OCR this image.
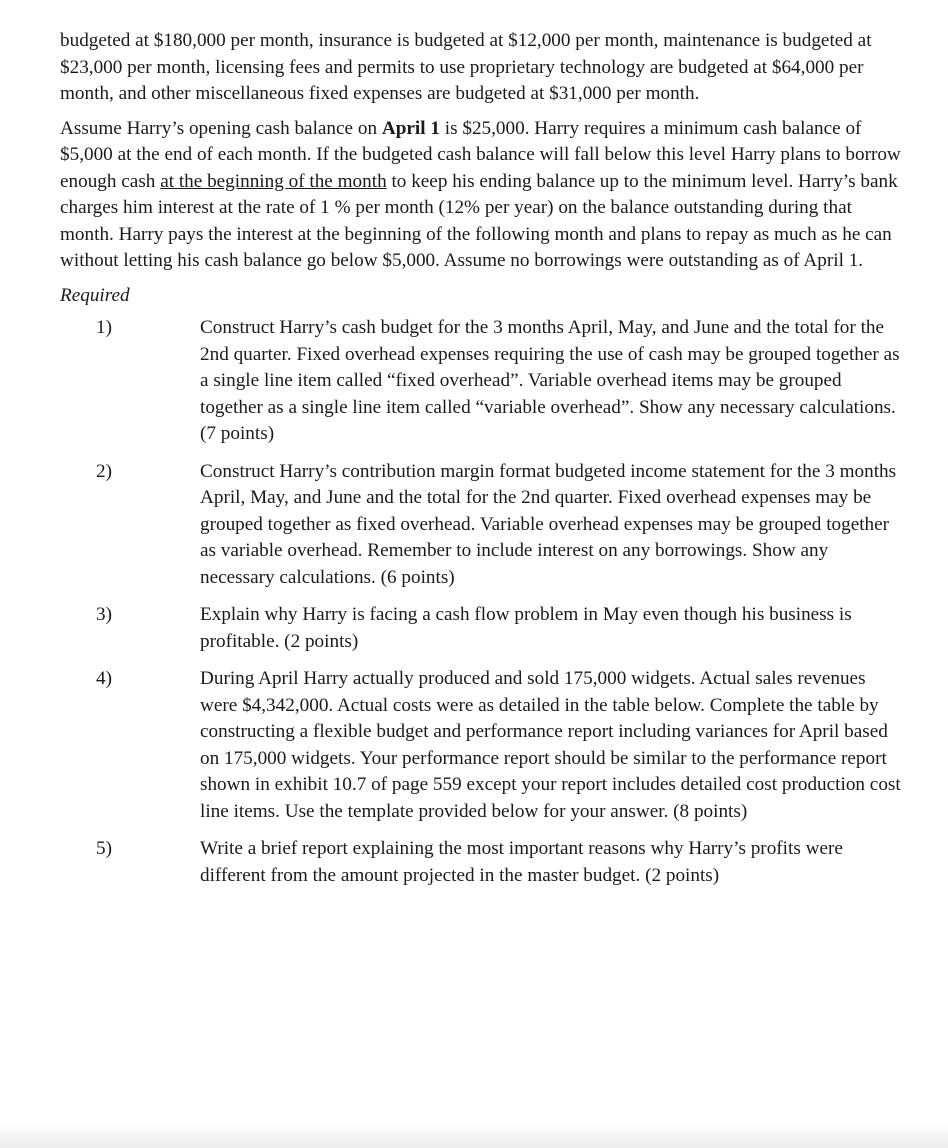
budgeted at $180,000 per month, insurance is budgeted at $12,000 per month, maintenance is budgeted at $23,000 per month, licensing fees and permits to use proprietary technology are budgeted at $64,000 per month, and other miscellaneous fixed expenses are budgeted at $31,000 per month.

Assume Harry’s opening cash balance on April 1 is $25,000. Harry requires a minimum cash balance of $5,000 at the end of each month. If the budgeted cash balance will fall below this level Harry plans to borrow enough cash at the beginning of the month to keep his ending balance up to the minimum level. Harry’s bank charges him interest at the rate of 1 % per month (12% per year) on the balance outstanding during that month. Harry pays the interest at the beginning of the following month and plans to repay as much as he can without letting his cash balance go below $5,000. Assume no borrowings were outstanding as of April 1.

Required
1)	Construct Harry’s cash budget for the 3 months April, May, and June and the total for the 2nd quarter. Fixed overhead expenses requiring the use of cash may be grouped together as a single line item called “fixed overhead”. Variable overhead items may be grouped together as a single line item called “variable overhead”. Show any necessary calculations. (7 points)
2)	Construct Harry’s contribution margin format budgeted income statement for the 3 months April, May, and June and the total for the 2nd quarter. Fixed overhead expenses may be grouped together as fixed overhead. Variable overhead expenses may be grouped together as variable overhead. Remember to include interest on any borrowings. Show any necessary calculations. (6 points)
3)	Explain why Harry is facing a cash flow problem in May even though his business is profitable. (2 points)
4)	During April Harry actually produced and sold 175,000 widgets. Actual sales revenues were $4,342,000. Actual costs were as detailed in the table below. Complete the table by constructing a flexible budget and performance report including variances for April based on 175,000 widgets. Your performance report should be similar to the performance report shown in exhibit 10.7 of page 559 except your report includes detailed cost production cost line items. Use the template provided below for your answer. (8 points)
5)	Write a brief report explaining the most important reasons why Harry’s profits were different from the amount projected in the master budget. (2 points)
